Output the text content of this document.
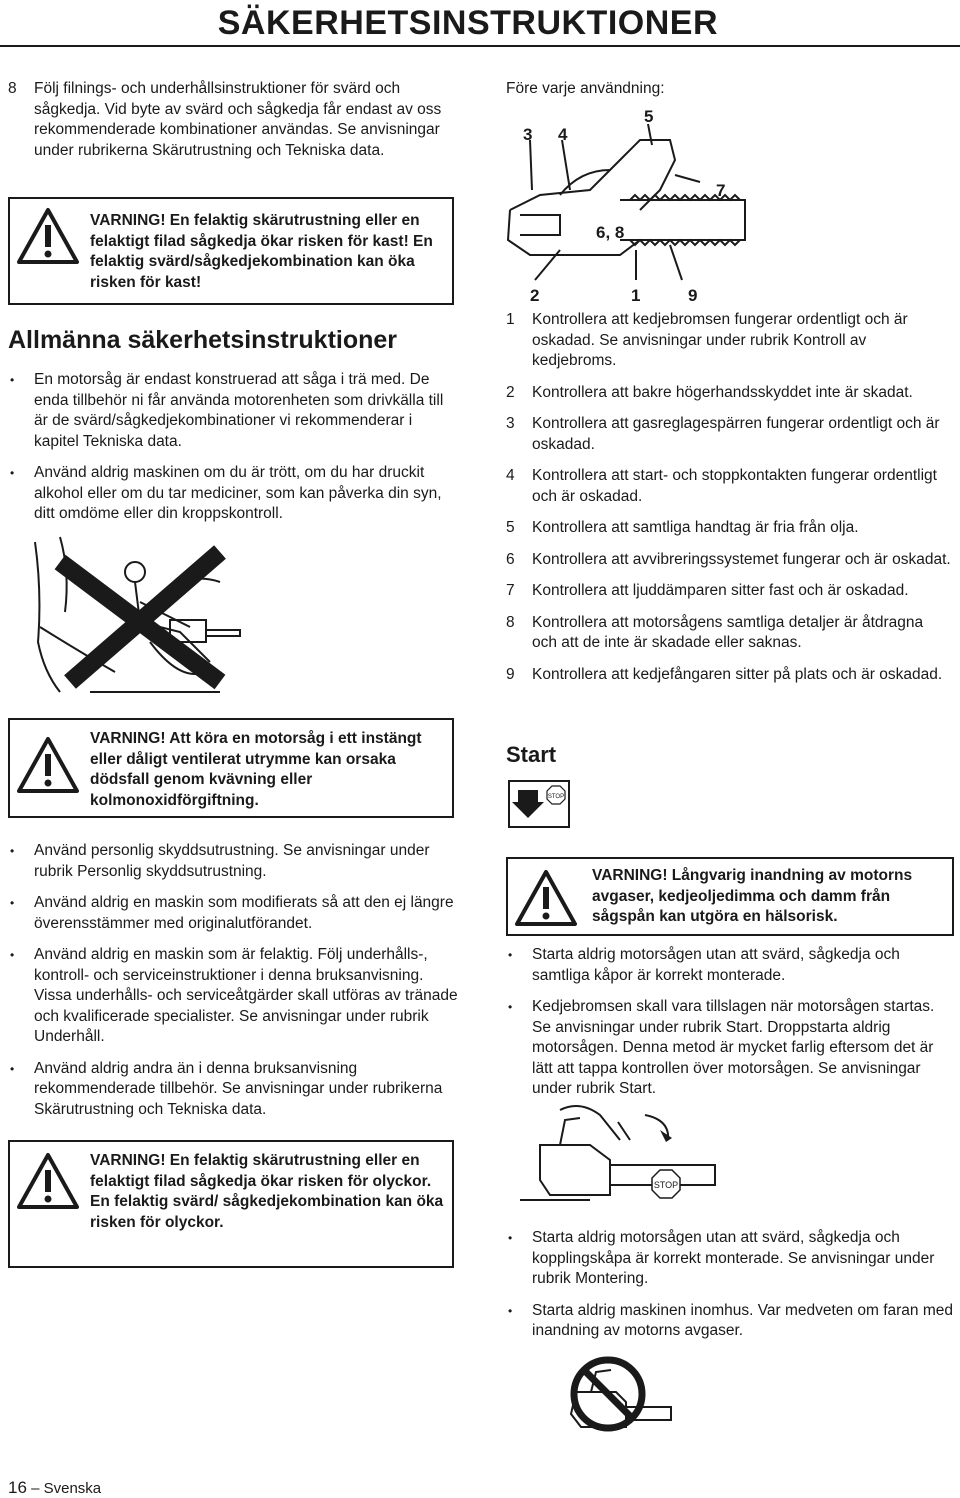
SÄKERHETSINSTRUKTIONER
8	Följ filnings- och underhållsinstruktioner för svärd och sågkedja. Vid byte av svärd och sågkedja får endast av oss rekommenderade kombinationer användas. Se anvisningar under rubrikerna Skärutrustning och Tekniska data.
VARNING! En felaktig skärutrustning eller en felaktigt filad sågkedja ökar risken för kast! En felaktig svärd/sågkedjekombination kan öka risken för kast!
Allmänna säkerhetsinstruktioner
•	En motorsåg är endast konstruerad att såga i trä med. De enda tillbehör ni får använda motorenheten som drivkälla till är de svärd/sågkedjekombinationer vi rekommenderar i kapitel Tekniska data.
•	Använd aldrig maskinen om du är trött, om du har druckit alkohol eller om du tar mediciner, som kan påverka din syn, ditt omdöme eller din kroppskontroll.
VARNING! Att köra en motorsåg i ett instängt eller dåligt ventilerat utrymme kan orsaka dödsfall genom kvävning eller kolmonoxidförgiftning.
•	Använd personlig skyddsutrustning. Se anvisningar under rubrik Personlig skyddsutrustning.
•	Använd aldrig en maskin som modifierats så att den ej längre överensstämmer med originalutförandet.
•	Använd aldrig en maskin som är felaktig. Följ underhålls-, kontroll- och serviceinstruktioner i denna bruksanvisning. Vissa underhålls- och serviceåtgärder skall utföras av tränade och kvalificerade specialister. Se anvisningar under rubrik Underhåll.
•	Använd aldrig andra än i denna bruksanvisning rekommenderade tillbehör. Se anvisningar under rubrikerna Skärutrustning och Tekniska data.
VARNING! En felaktig skärutrustning eller en felaktigt filad sågkedja ökar risken för olyckor. En felaktig svärd/ sågkedjekombination kan öka risken för olyckor.
Före varje användning:
3 4
5
7
6, 8
2	1	9
1	Kontrollera att kedjebromsen fungerar ordentligt och är oskadad. Se anvisningar under rubrik Kontroll av kedjebroms.
2	Kontrollera att bakre högerhandsskyddet inte är skadat.
3	Kontrollera att gasreglagespärren fungerar ordentligt och är oskadad.
4	Kontrollera att start- och stoppkontakten fungerar ordentligt och är oskadad.
5	Kontrollera att samtliga handtag är fria från olja.
6	Kontrollera att avvibreringssystemet fungerar och är oskadat.
7	Kontrollera att ljuddämparen sitter fast och är oskadad.
8	Kontrollera att motorsågens samtliga detaljer är åtdragna och att de inte är skadade eller saknas.
9	Kontrollera att kedjefångaren sitter på plats och är oskadad.
Start
STOP
VARNING! Långvarig inandning av motorns avgaser, kedjeoljedimma och damm från sågspån kan utgöra en hälsorisk.
•	Starta aldrig motorsågen utan att svärd, sågkedja och samtliga kåpor är korrekt monterade.
•	Kedjebromsen skall vara tillslagen när motorsågen startas. Se anvisningar under rubrik Start. Droppstarta aldrig motorsågen. Denna metod är mycket farlig eftersom det är lätt att tappa kontrollen över motorsågen. Se anvisningar under rubrik Start.
STOP
•	Starta aldrig motorsågen utan att svärd, sågkedja och kopplingskåpa är korrekt monterade. Se anvisningar under rubrik Montering.
•	Starta aldrig maskinen inomhus. Var medveten om faran med inandning av motorns avgaser.
16 – Svenska
